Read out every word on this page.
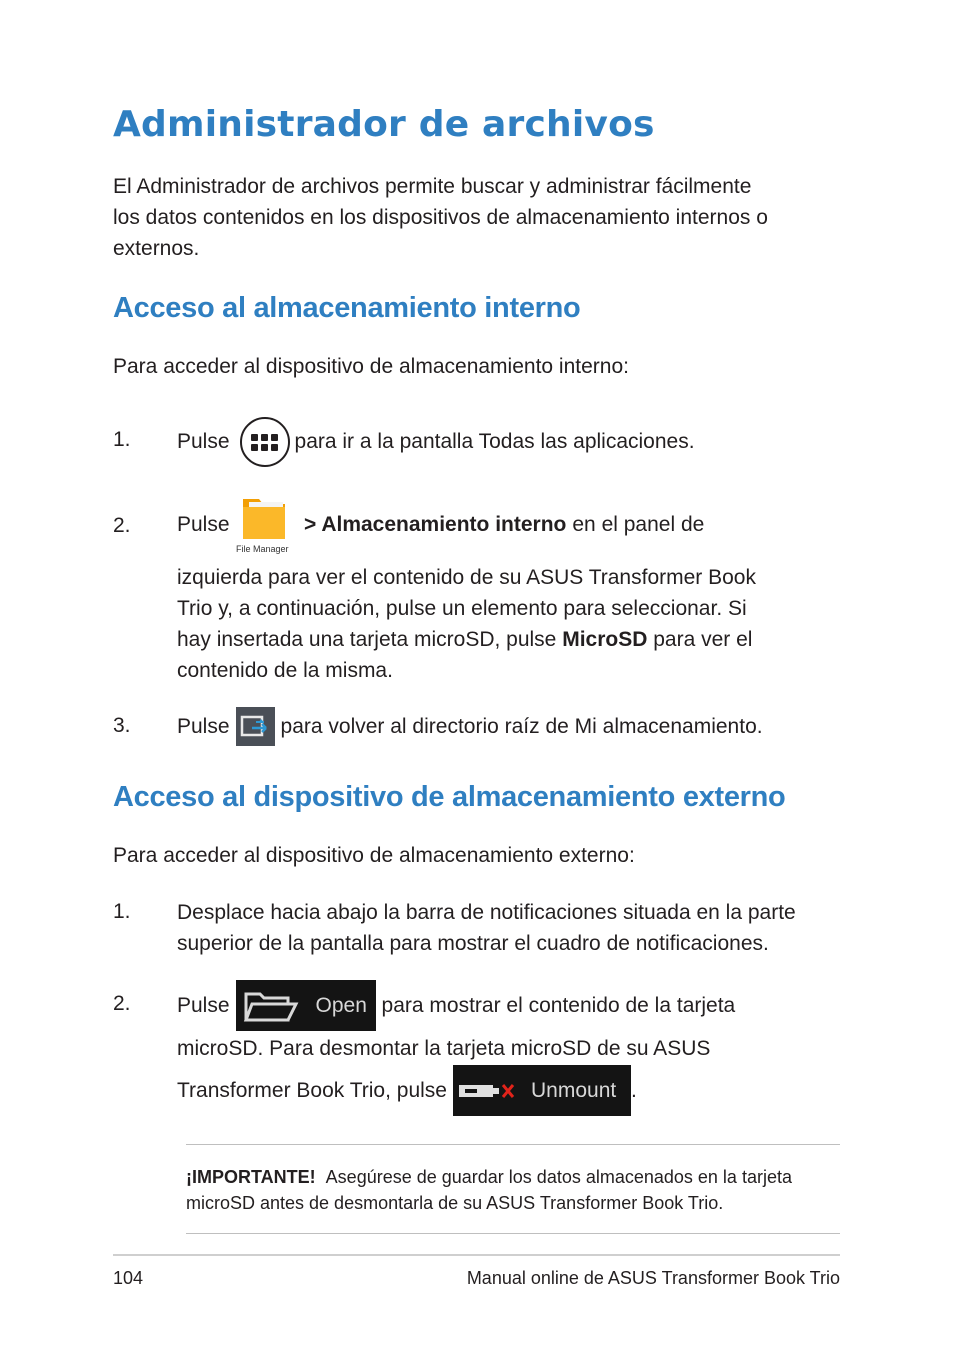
Administrador de archivos
El Administrador de archivos permite buscar y administrar fácilmente
los datos contenidos en los dispositivos de almacenamiento internos o
externos.
Acceso al almacenamiento interno
Para acceder al dispositivo de almacenamiento interno:
1. Pulse	para ir a la pantalla Todas las aplicaciones.
2. Pulse
File Manager
> Almacenamiento interno en el panel de
izquierda para ver el contenido de su ASUS Transformer Book
Trio y, a continuación, pulse un elemento para seleccionar. Si
hay insertada una tarjeta microSD, pulse MicroSD para ver el
contenido de la misma.
3. Pulse para volver al directorio raíz de Mi almacenamiento.
Acceso al dispositivo de almacenamiento externo
Para acceder al dispositivo de almacenamiento externo:
1. Desplace hacia abajo la barra de notificaciones situada en la parte
superior de la pantalla para mostrar el cuadro de notificaciones.
2. Pulse	Open para mostrar el contenido de la tarjeta
microSD. Para desmontar la tarjeta microSD de su ASUS
Transformer Book Trio, pulse	Unmount .
¡IMPORTANTE! Asegúrese de guardar los datos almacenados en la tarjeta
microSD antes de desmontarla de su ASUS Transformer Book Trio.
104	Manual online de ASUS Transformer Book Trio
